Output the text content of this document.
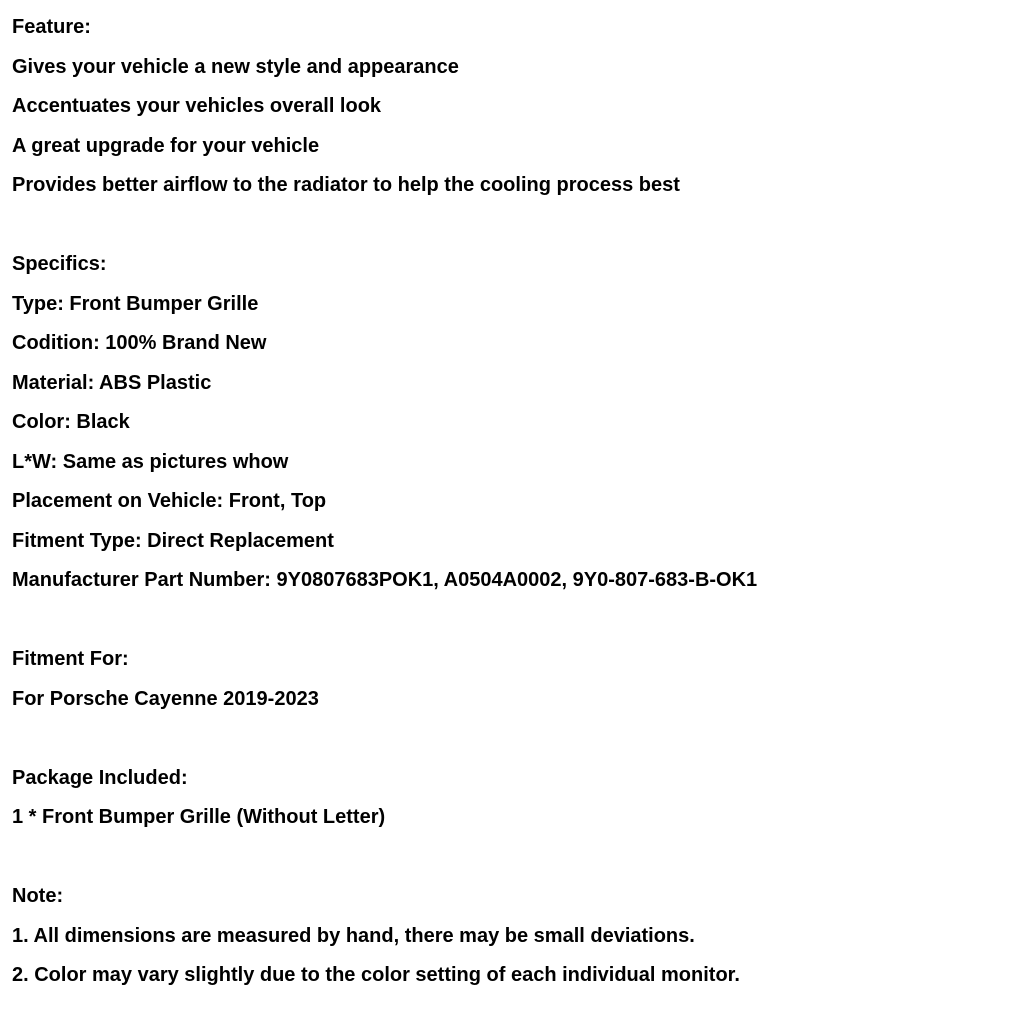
Feature:
Gives your vehicle a new style and appearance
Accentuates your vehicles overall look
A great upgrade for your vehicle
Provides better airflow to the radiator to help the cooling process best
Specifics:
Type: Front Bumper Grille
Codition: 100% Brand New
Material: ABS Plastic
Color: Black
L*W: Same as pictures whow
Placement on Vehicle: Front, Top
Fitment Type: Direct Replacement
Manufacturer Part Number: 9Y0807683POK1, A0504A0002, 9Y0-807-683-B-OK1
Fitment For:
For Porsche Cayenne 2019-2023
Package Included:
1 * Front Bumper Grille (Without Letter)
Note:
1. All dimensions are measured by hand, there may be small deviations.
2. Color may vary slightly due to the color setting of each individual monitor.
